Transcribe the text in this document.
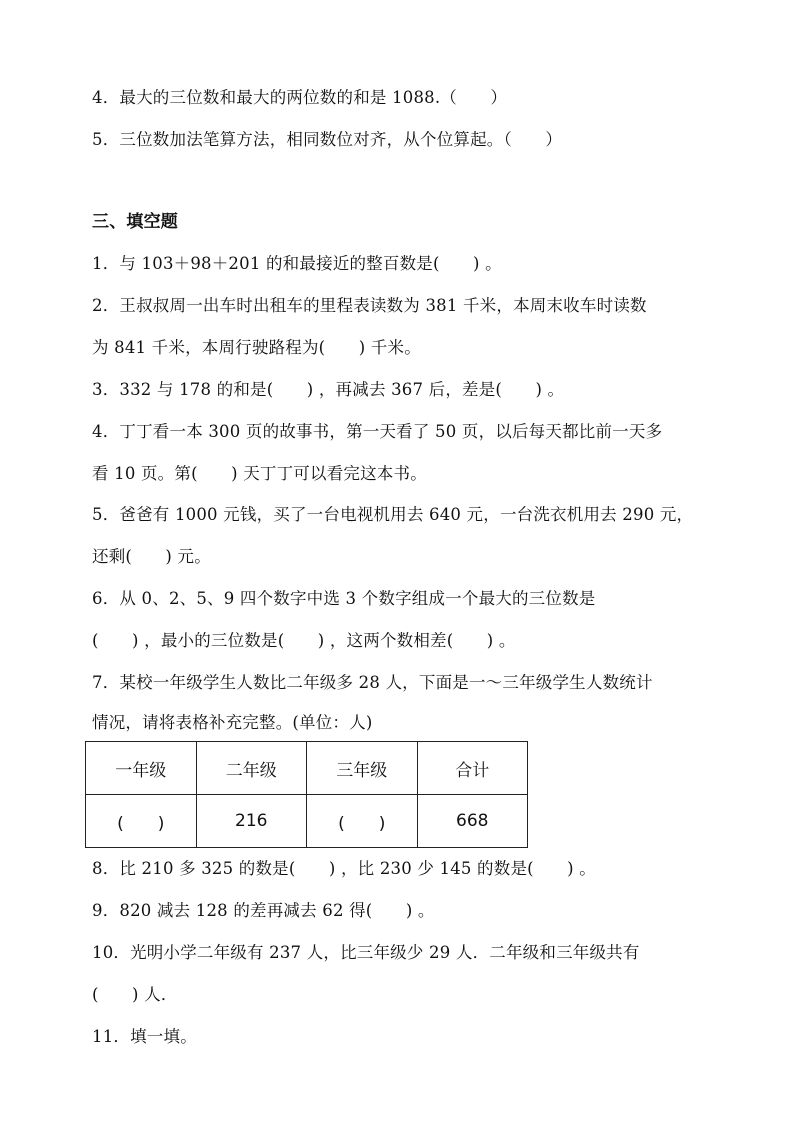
4．最大的三位数和最大的两位数的和是 1088.（　　）
5．三位数加法笔算方法，相同数位对齐，从个位算起。（　　）
三、填空题
1．与 103＋98＋201 的和最接近的整百数是(　　) 。
2．王叔叔周一出车时出租车的里程表读数为 381 千米，本周末收车时读数
为 841 千米，本周行驶路程为(　　) 千米。
3．332 与 178 的和是(　　) ，再减去 367 后，差是(　　) 。
4．丁丁看一本 300 页的故事书，第一天看了 50 页，以后每天都比前一天多
看 10 页。第(　　) 天丁丁可以看完这本书。
5．爸爸有 1000 元钱，买了一台电视机用去 640 元，一台洗衣机用去 290 元，
还剩(　　) 元。
6．从 0、2、5、9 四个数字中选 3 个数字组成一个最大的三位数是
(　　) ，最小的三位数是(　　) ，这两个数相差(　　) 。
7．某校一年级学生人数比二年级多 28 人，下面是一～三年级学生人数统计
情况，请将表格补充完整。(单位：人)
一年级	二年级	三年级	合计
(　　)	216	(　　)	668
8．比 210 多 325 的数是(　　) ，比 230 少 145 的数是(　　) 。
9．820 减去 128 的差再减去 62 得(　　) 。
10．光明小学二年级有 237 人，比三年级少 29 人．二年级和三年级共有
(　　) 人．
11．填一填。
